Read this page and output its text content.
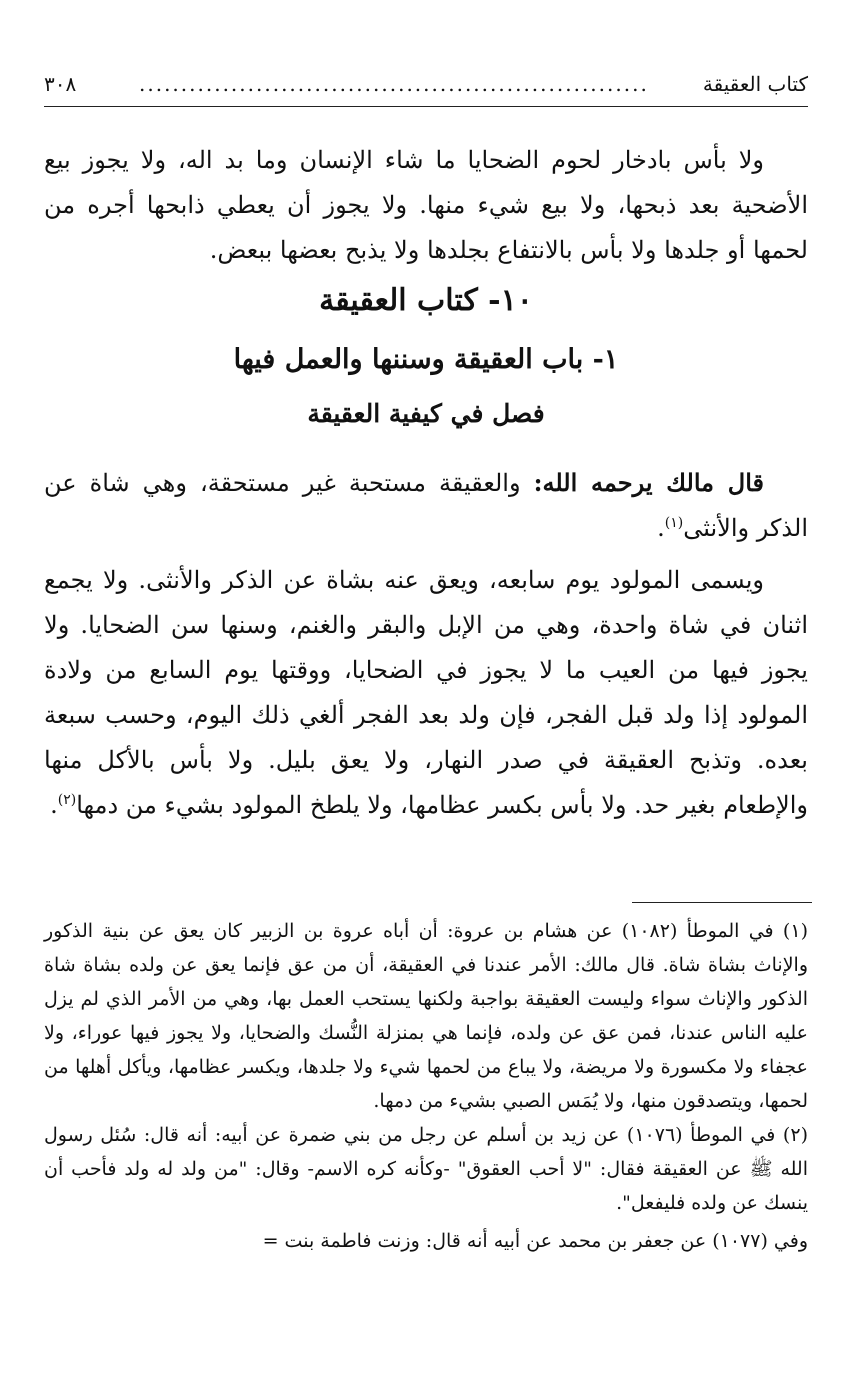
كتاب العقيقة
.............................................................
٣٠٨

ولا بأس بادخار لحوم الضحايا ما شاء الإنسان وما بد اله، ولا يجوز بيع الأضحية بعد ذبحها، ولا بيع شيء منها. ولا يجوز أن يعطي ذابحها أجره من لحمها أو جلدها ولا بأس بالانتفاع بجلدها ولا يذبح بعضها ببعض.

١٠- كتاب العقيقة
١- باب العقيقة وسننها والعمل فيها
فصل في كيفية العقيقة

قال مالك يرحمه الله: والعقيقة مستحبة غير مستحقة، وهي شاة عن الذكر والأنثى$^{(١)}$.

ويسمى المولود يوم سابعه، ويعق عنه بشاة عن الذكر والأنثى. ولا يجمع اثنان في شاة واحدة، وهي من الإبل والبقر والغنم، وسنها سن الضحايا. ولا يجوز فيها من العيب ما لا يجوز في الضحايا، ووقتها يوم السابع من ولادة المولود إذا ولد قبل الفجر، فإن ولد بعد الفجر ألغي ذلك اليوم، وحسب سبعة بعده. وتذبح العقيقة في صدر النهار، ولا يعق بليل. ولا بأس بالأكل منها والإطعام بغير حد. ولا بأس بكسر عظامها، ولا يلطخ المولود بشيء من دمها$^{(٢)}$.

(١) في الموطأ (١٠٨٢) عن هشام بن عروة: أن أباه عروة بن الزبير كان يعق عن بنية الذكور والإناث بشاة شاة. قال مالك: الأمر عندنا في العقيقة، أن من عق فإنما يعق عن ولده بشاة شاة الذكور والإناث سواء وليست العقيقة بواجبة ولكنها يستحب العمل بها، وهي من الأمر الذي لم يزل عليه الناس عندنا، فمن عق عن ولده، فإنما هي بمنزلة النُّسك والضحايا، ولا يجوز فيها عوراء، ولا عجفاء ولا مكسورة ولا مريضة، ولا يباع من لحمها شيء ولا جلدها، ويكسر عظامها، ويأكل أهلها من لحمها، ويتصدقون منها، ولا يُمَس الصبي بشيء من دمها.

(٢) في الموطأ (١٠٧٦) عن زيد بن أسلم عن رجل من بني ضمرة عن أبيه: أنه قال: سُئل رسول الله ﷺ عن العقيقة فقال: "لا أحب العقوق" -وكأنه كره الاسم- وقال: "من ولد له ولد فأحب أن ينسك عن ولده فليفعل".

وفي (١٠٧٧) عن جعفر بن محمد عن أبيه أنه قال: وزنت فاطمة بنت =
